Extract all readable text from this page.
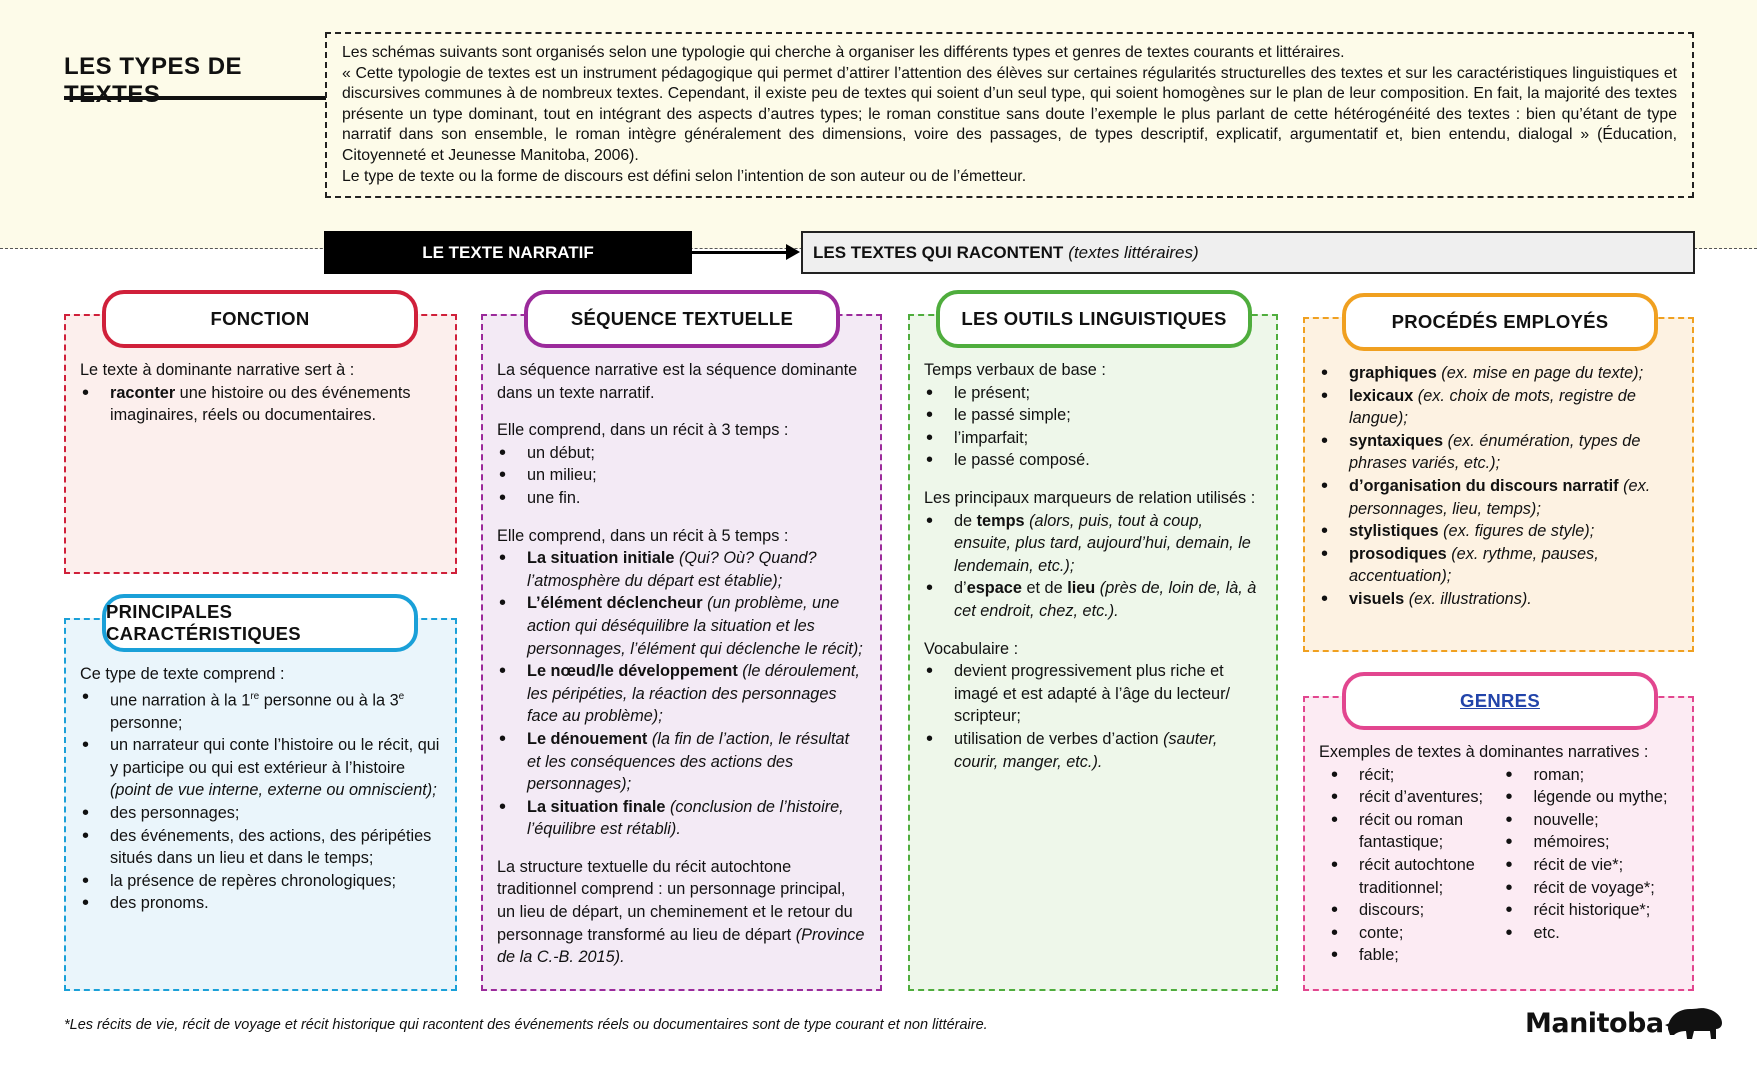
LES TYPES DE TEXTES

Les schémas suivants sont organisés selon une typologie qui cherche à organiser les différents types et genres de textes courants et littéraires.

« Cette typologie de textes est un instrument pédagogique qui permet d’attirer l’attention des élèves sur certaines régularités structurelles des textes et sur les caractéristiques linguistiques et discursives communes à de nombreux textes. Cependant, il existe peu de textes qui soient d’un seul type, qui soient homogènes sur le plan de leur composition. En fait, la majorité des textes présente un type dominant, tout en intégrant des aspects d’autres types; le roman constitue sans doute l’exemple le plus parlant de cette hétérogénéité des textes : bien qu’étant de type narratif dans son ensemble, le roman intègre généralement des dimensions, voire des passages, de types descriptif, explicatif, argumentatif et, bien entendu, dialogal » (Éducation, Citoyenneté et Jeunesse Manitoba, 2006).

Le type de texte ou la forme de discours est défini selon l’intention de son auteur ou de l’émetteur.

LE TEXTE NARRATIF	LES TEXTES QUI RACONTENT (textes littéraires)

Le texte à dominante narrative sert à :

• raconter une histoire ou des événements imaginaires, réels ou documentaires.
FONCTION

Ce type de texte comprend :

• une narration à la 1re personne ou à la 3e personne;
• un narrateur qui conte l’histoire ou le récit, qui y participe ou qui est extérieur à l’histoire (point de vue interne, externe ou omniscient);
• des personnages;
• des événements, des actions, des péripéties situés dans un lieu et dans le temps;
• la présence de repères chronologiques;
• des pronoms.
PRINCIPALES CARACTÉRISTIQUES

La séquence narrative est la séquence dominante dans un texte narratif.

Elle comprend, dans un récit à 3 temps :

• un début;
• un milieu;
• une fin.

Elle comprend, dans un récit à 5 temps :

• La situation initiale (Qui? Où? Quand? l’atmosphère du départ est établie);
• L’élément déclencheur (un problème, une action qui déséquilibre la situation et les personnages, l’élément qui déclenche le récit);
• Le nœud/le développement (le déroulement, les péripéties, la réaction des personnages face au problème);
• Le dénouement (la fin de l’action, le résultat et les conséquences des actions des personnages);
• La situation finale (conclusion de l’histoire, l’équilibre est rétabli).

La structure textuelle du récit autochtone traditionnel comprend : un personnage principal, un lieu de départ, un cheminement et le retour du personnage transformé au lieu de départ (Province de la C.-B. 2015).

SÉQUENCE TEXTUELLE

Temps verbaux de base :

• le présent;
• le passé simple;
• l’imparfait;
• le passé composé.

Les principaux marqueurs de relation utilisés :

• de temps (alors, puis, tout à coup, ensuite, plus tard, aujourd’hui, demain, le lendemain, etc.);
• d’espace et de lieu (près de, loin de, là, à cet endroit, chez, etc.).

Vocabulaire :

• devient progressivement plus riche et imagé et est adapté à l’âge du lecteur/ scripteur;
• utilisation de verbes d’action (sauter, courir, manger, etc.).
LES OUTILS LINGUISTIQUES
• graphiques (ex. mise en page du texte);
• lexicaux (ex. choix de mots, registre de langue);
• syntaxiques (ex. énumération, types de phrases variés, etc.);
• d’organisation du discours narratif (ex. personnages, lieu, temps);
• stylistiques (ex. figures de style);
• prosodiques (ex. rythme, pauses, accentuation);
• visuels (ex. illustrations).
PROCÉDÉS EMPLOYÉS

Exemples de textes à dominantes narratives :

• récit;
• récit d’aventures;
• récit ou roman fantastique;
• récit autochtone traditionnel;
• discours;
• conte;
• fable;
• roman;
• légende ou mythe;
• nouvelle;
• mémoires;
• récit de vie*;
• récit de voyage*;
• récit historique*;
• etc.
GENRES
*Les récits de vie, récit de voyage et récit historique qui racontent des événements réels ou documentaires sont de type courant et non littéraire.	Manitoba
